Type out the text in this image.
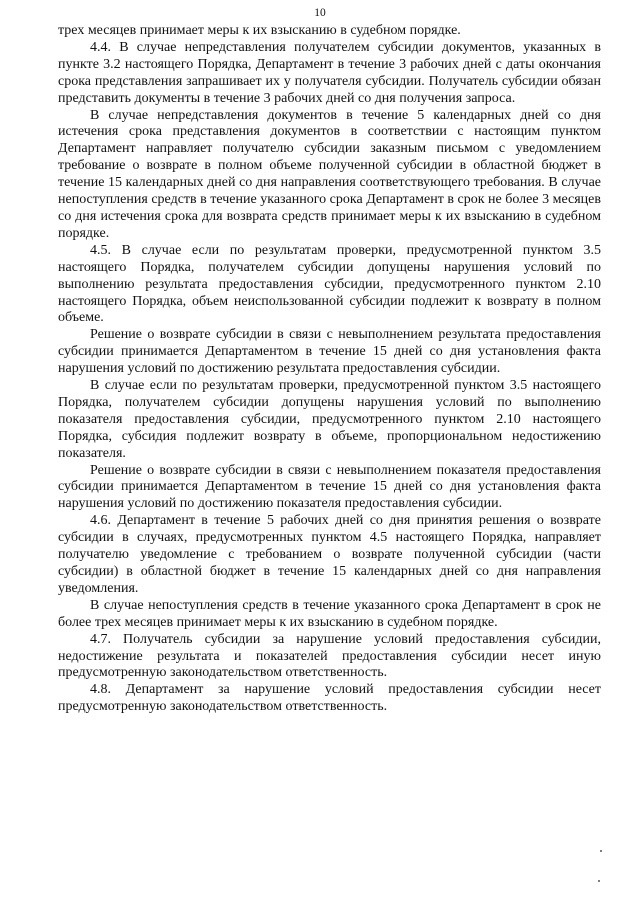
10

трех месяцев принимает меры к их взысканию в судебном порядке.

4.4. В случае непредставления получателем субсидии документов, указанных в пункте 3.2 настоящего Порядка, Департамент в течение 3 рабочих дней с даты окончания срока представления запрашивает их у получателя субсидии. Получатель субсидии обязан представить документы в течение 3 рабочих дней со дня получения запроса.

В случае непредставления документов в течение 5 календарных дней со дня истечения срока представления документов в соответствии с настоящим пунктом Департамент направляет получателю субсидии заказным письмом с уведомлением требование о возврате в полном объеме полученной субсидии в областной бюджет в течение 15 календарных дней со дня направления соответствующего требования. В случае непоступления средств в течение указанного срока Департамент в срок не более 3 месяцев со дня истечения срока для возврата средств принимает меры к их взысканию в судебном порядке.

4.5. В случае если по результатам проверки, предусмотренной пунктом 3.5 настоящего Порядка, получателем субсидии допущены нарушения условий по выполнению результата предоставления субсидии, предусмотренного пунктом 2.10 настоящего Порядка, объем неиспользованной субсидии подлежит к возврату в полном объеме.

Решение о возврате субсидии в связи с невыполнением результата предоставления субсидии принимается Департаментом в течение 15 дней со дня установления факта нарушения условий по достижению результата предоставления субсидии.

В случае если по результатам проверки, предусмотренной пунктом 3.5 настоящего Порядка, получателем субсидии допущены нарушения условий по выполнению показателя предоставления субсидии, предусмотренного пунктом 2.10 настоящего Порядка, субсидия подлежит возврату в объеме, пропорциональном недостижению показателя.

Решение о возврате субсидии в связи с невыполнением показателя предоставления субсидии принимается Департаментом в течение 15 дней со дня установления факта нарушения условий по достижению показателя предоставления субсидии.

4.6. Департамент в течение 5 рабочих дней со дня принятия решения о возврате субсидии в случаях, предусмотренных пунктом 4.5 настоящего Порядка, направляет получателю уведомление с требованием о возврате полученной субсидии (части субсидии) в областной бюджет в течение 15 календарных дней со дня направления уведомления.

В случае непоступления средств в течение указанного срока Департамент в срок не более трех месяцев принимает меры к их взысканию в судебном порядке.

4.7. Получатель субсидии за нарушение условий предоставления субсидии, недостижение результата и показателей предоставления субсидии несет иную предусмотренную законодательством ответственность.

4.8. Департамент за нарушение условий предоставления субсидии несет предусмотренную законодательством ответственность.
